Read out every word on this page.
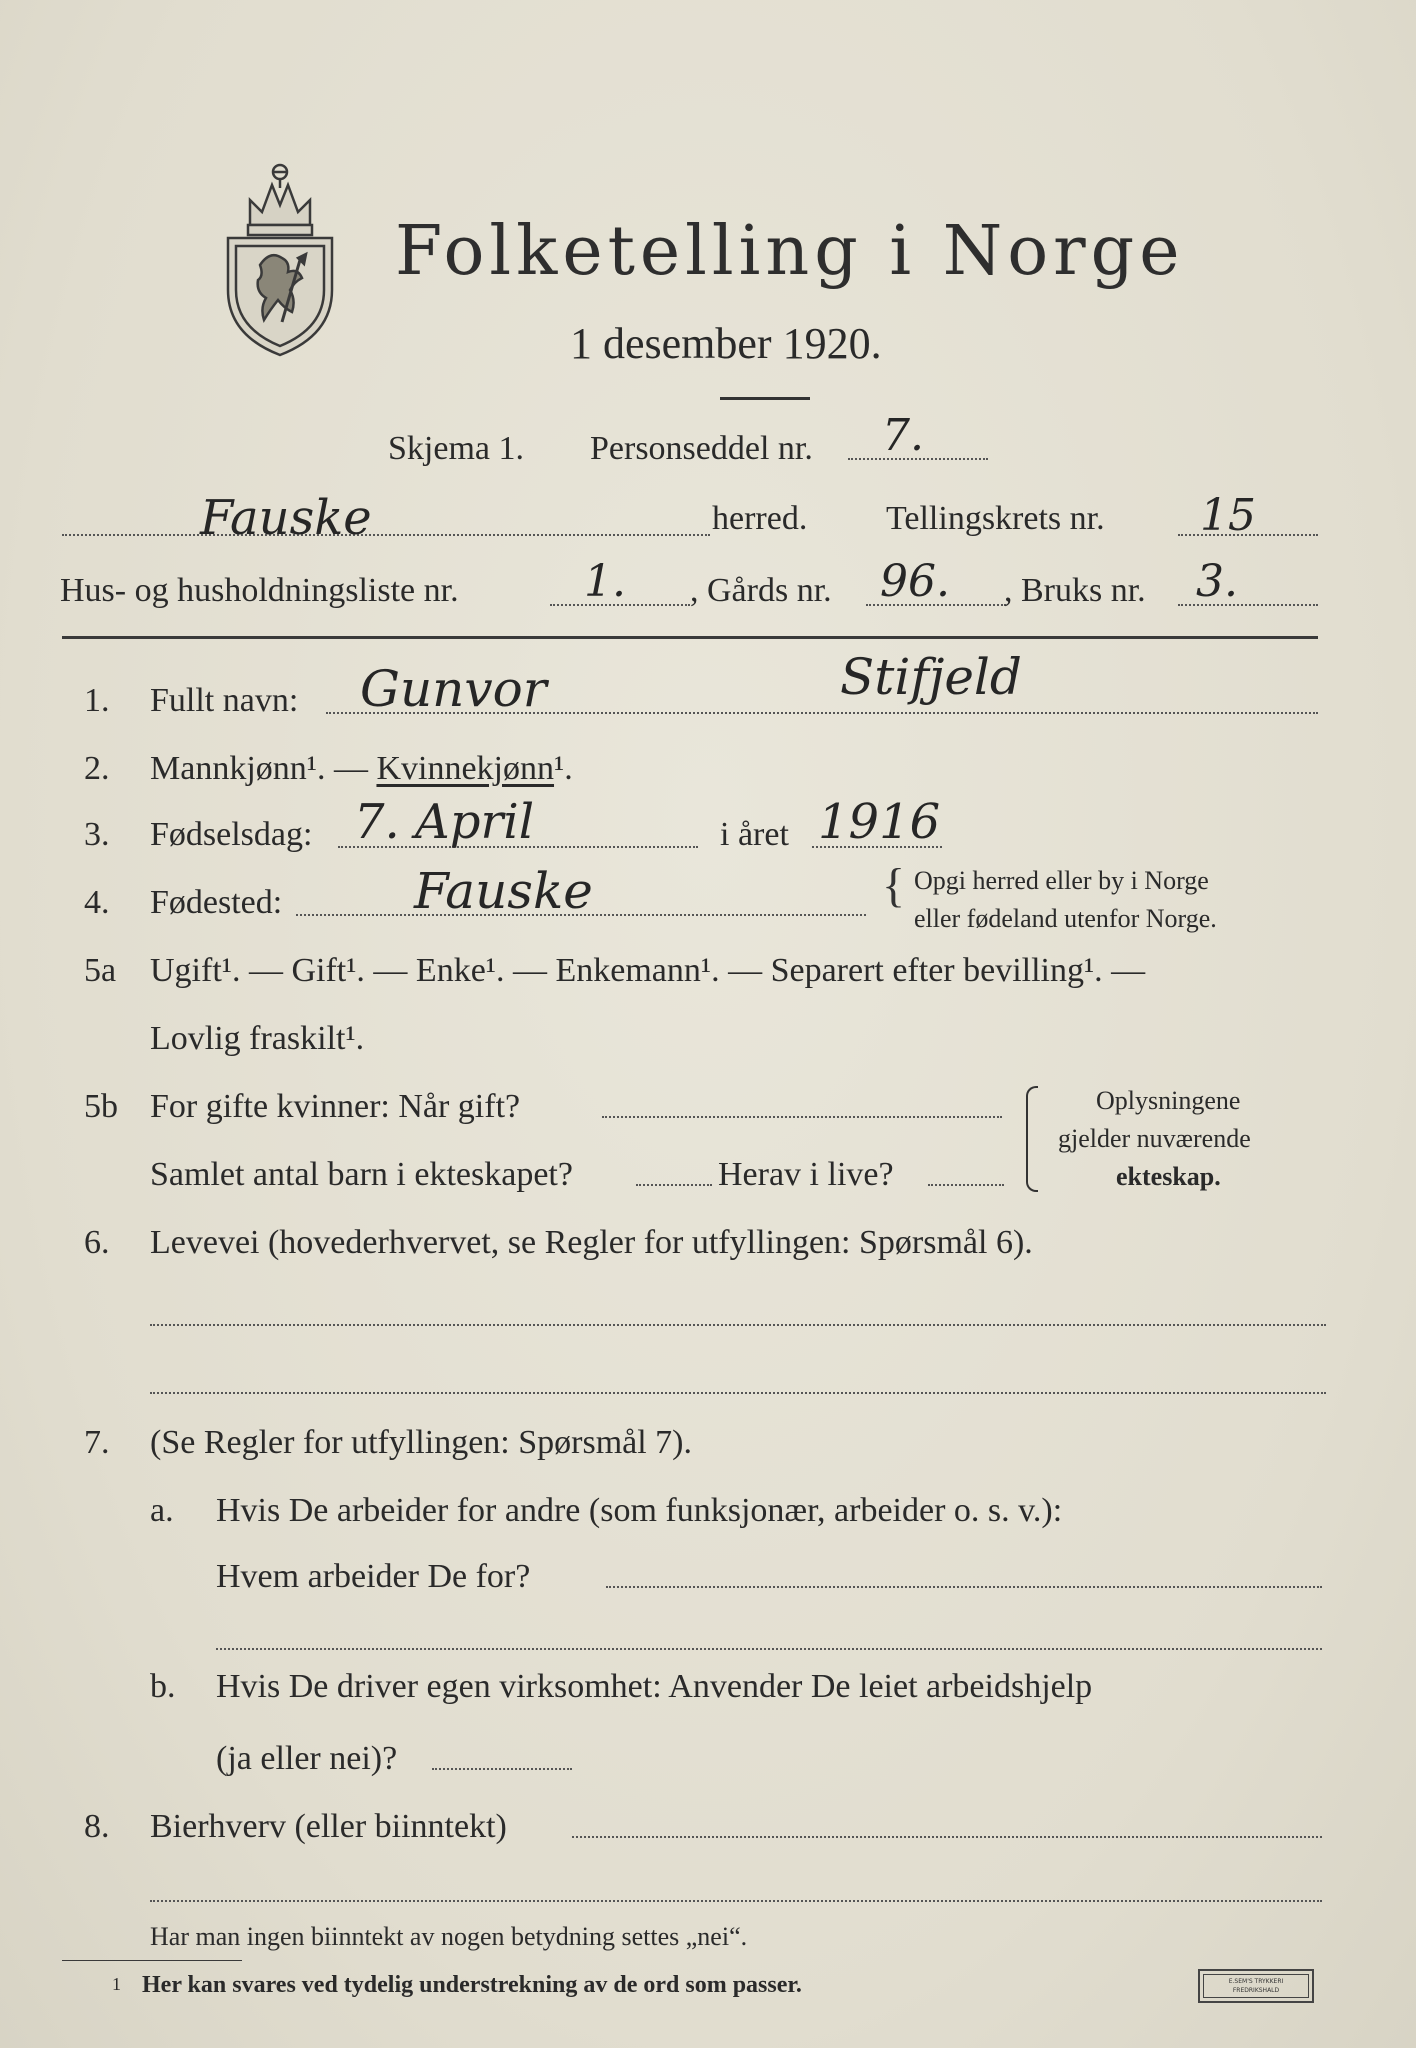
Folketelling i Norge
1 desember 1920.
Skjema 1. Personseddel nr. 7.
Fauske	herred. Tellingskrets nr. 15
Hus- og husholdningsliste nr.	1. , Gårds nr. 96. , Bruks nr. 3.
1. Fullt navn: Gunvor	Stifjeld
2. Mannkjønn¹. — Kvinnekjønn¹.
3. Fødselsdag: 7. April	i året 1916
4. Fødested:	Fauske	{ Opgi herred eller by i Norge
eller fødeland utenfor Norge.
5a Ugift¹. — Gift¹. — Enke¹. — Enkemann¹. — Separert efter bevilling¹. —
Lovlig fraskilt¹.
5b For gifte kvinner: Når gift?
Samlet antal barn i ekteskapet?	Herav i live?
Oplysningene
gjelder nuværende
ekteskap.
6. Levevei (hovederhvervet, se Regler for utfyllingen: Spørsmål 6).
7. (Se Regler for utfyllingen: Spørsmål 7).
a. Hvis De arbeider for andre (som funksjonær, arbeider o. s. v.):
Hvem arbeider De for?
b. Hvis De driver egen virksomhet: Anvender De leiet arbeidshjelp
(ja eller nei)?
8. Bierhverv (eller biinntekt)
Har man ingen biinntekt av nogen betydning settes „nei“.
1 Her kan svares ved tydelig understrekning av de ord som passer.	E.SEM'S TRYKKERI
FREDRIKSHALD
